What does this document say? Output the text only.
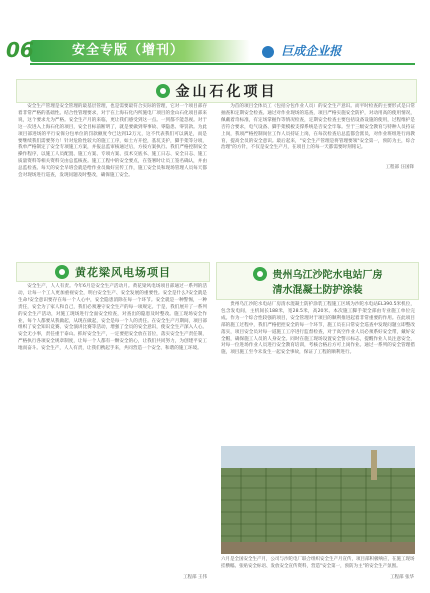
06	安全专版（增刊）	巨成企业报
金山石化项目

安全生产管理是安全管理的最基层管理，也是需要最符合实际的管理，它对一个项目部存着非常严格的基础性。结合性管理要求，对于在上海石化内所施电厂项目的金山石化项目部来说，这个要求尤为严格。安全生产月的来临，更让我们感受到这一点。一到都不能忽视。对于这一次进入上海石化的项目，安全目标前断明了，就是要做到零事故、零隐患、零罚款。为此项目部进场的平行安保分包单位的罚款额度今已达到12万元，这不代表我们可以满足，而是要继续我们需要努力！针对危险性较大的施工工序，如土方开挖，基坑支护，脚手架等分项，我单严格制定了安全专项施工方案，并报总监审核通过后，方按方案执行。我们严格控制安全操作程序，以施工人员配置、施工方案、专项方案、技术交底书、施工日志、安全日志、施工质量资料等相关资料交由总监核查。施工工程中的安全要点，在签署时让员工签名确认，并由总监检查。每天的安全早班会就是给作业员做好宣传工作，施工安全员和现场管理人员每天都会对现场进行巡查，发现问题及时整改，确保施工安全。

为首的项目全体员工（包括分包作业人员）的安全生产意识。而平时检查的主要形式是日常抽查和定期安全检查。通过对作业现场的巡查，项目严格实施安全防护，对动用高的使用情况，佩戴着奇标准，有定场掌握作等情况检查，定期安全检查主要包括设备设施的使用，过程维护是否符合要求，电气设备、脚手架模板支撑系统是否安全牢靠。至于三级安全教育与特种人员持证上岗，我项严格控制岗位工作人员持证上岗，在每次检查后总监都会派员，对作业班组进行再教育，提高全员的安全意识。最后起来，"安全生产管理是将管理要领"安全第一，预防为主，综合治理"的方针，不仅是安全生产月，在项目上的每一天都需要时刻铭记。

工程部 汪国锋
黄花梁风电场项目

安全生产，人人有责。今年6月是安全生产活动月。黄花梁风电场项目部通过一系列的活动，让每一个工人更加重视安全，明白安全生产、安全发展的重要性。安全是什么?安全就是生命!安全意识要存在每一个人心中，安全隐患消除在每一个环节。安全就是一种警惕，一种责任，安全为了家人和自己，我们必须遵守安全生产的每一项规定。于是，我们展开了一系列的安全生产活动，对施工现场进行全面安全检查，对查出的隐患及时整改。施工现场安全作业，每个人都要从我做起，从现在做起，安全是每一个人的责任。在安全生产月期间，项目部组织了安全知识竞赛、安全演讲比赛等活动，增强了全员的安全意识，使安全生产深入人心。安全无小事，责任重于泰山。抓好安全生产，一定要把安全放在首位，落实安全生产责任制，严格执行各项安全规章制度，让每一个人都有一颗安全的心，让我们共同努力，为创建平安工地而奋斗。安全生产，人人有责，让我们携起手来，共同营造一个安全、和谐的施工环境。

工程部 王伟
贵州乌江沙陀水电站厂房
清水混凝土防护涂装

贵州乌江沙陀水电站厂房清水混凝土防护涂装工程施工区域为沙陀水电站EL390.5米机位，包含发电间，主机间长188米，宽28.5米，高20米。本次施工脚手架全部由专业施工单位完成。作为一个综合性较强的项目，安全管理对于项目的顺利推进起着非常重要的作用。在此项目部的施工过程中，我们严格把控安全的每一个环节，施工员在日常安全巡查中发现问题立即整改落实，项目安全员对每一道施工工序进行监督检查，对于高空作业人员必须系好安全带，戴好安全帽，确保施工人员的人身安全。同时在施工现场设置安全警示标志，提醒作业人员注意安全，对每一位进场作业人员进行安全教育培训，考核合格后方可上岗作业。通过一系列的安全管理措施，项目施工至今未发生一起安全事故，保证了工程的顺利进行。

六月是全国安全生产月，公司与沙陀电厂联合组织安全生产月宣传，项目部积极响应，在施工现场挂横幅、张贴安全标语、发放安全宣传资料，营造"安全第一，预防为主"的安全生产氛围。
工程部 张华
